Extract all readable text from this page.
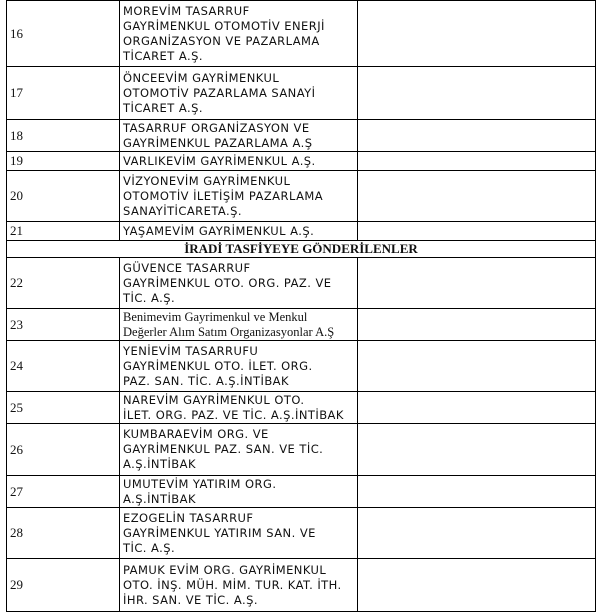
16	MOREVİM TASARRUF
GAYRİMENKUL OTOMOTİV ENERJİ
ORGANİZASYON VE PAZARLAMA
TİCARET A.Ş.	

17	ÖNCEEVİM GAYRİMENKUL
OTOMOTİV PAZARLAMA SANAYİ
TİCARET A.Ş.	

18	TASARRUF ORGANİZASYON VE
GAYRİMENKUL PAZARLAMA A.Ş	

19	VARLIKEVİM GAYRİMENKUL A.Ş.	

20	VİZYONEVİM GAYRİMENKUL
OTOMOTİV İLETİŞİM PAZARLAMA
SANAYİTİCARETA.Ş.	

21	YAŞAMEVİM GAYRİMENKUL A.Ş.	

İRADİ TASFİYEYE GÖNDERİLENLER		
22	GÜVENCE TASARRUF
GAYRİMENKUL OTO. ORG. PAZ. VE
TİC. A.Ş.	

23	Benimevim Gayrimenkul ve Menkul
Değerler Alım Satım Organizasyonlar A.Ş	

24	YENİEVİM TASARRUFU
GAYRİMENKUL OTO. İLET. ORG.
PAZ. SAN. TİC. A.Ş.İNTİBAK	

25	NAREVİM GAYRİMENKUL OTO.
İLET. ORG. PAZ. VE TİC. A.Ş.İNTİBAK	

26	KUMBARAEVİM ORG. VE
GAYRİMENKUL PAZ. SAN. VE TİC.
A.Ş.İNTİBAK	

27	UMUTEVİM YATIRIM ORG.
A.Ş.İNTİBAK	

28	EZOGELİN TASARRUF
GAYRİMENKUL YATIRIM SAN. VE
TİC. A.Ş.	

29	PAMUK EVİM ORG. GAYRİMENKUL
OTO. İNŞ. MÜH. MİM. TUR. KAT. İTH.
İHR. SAN. VE TİC. A.Ş.	
